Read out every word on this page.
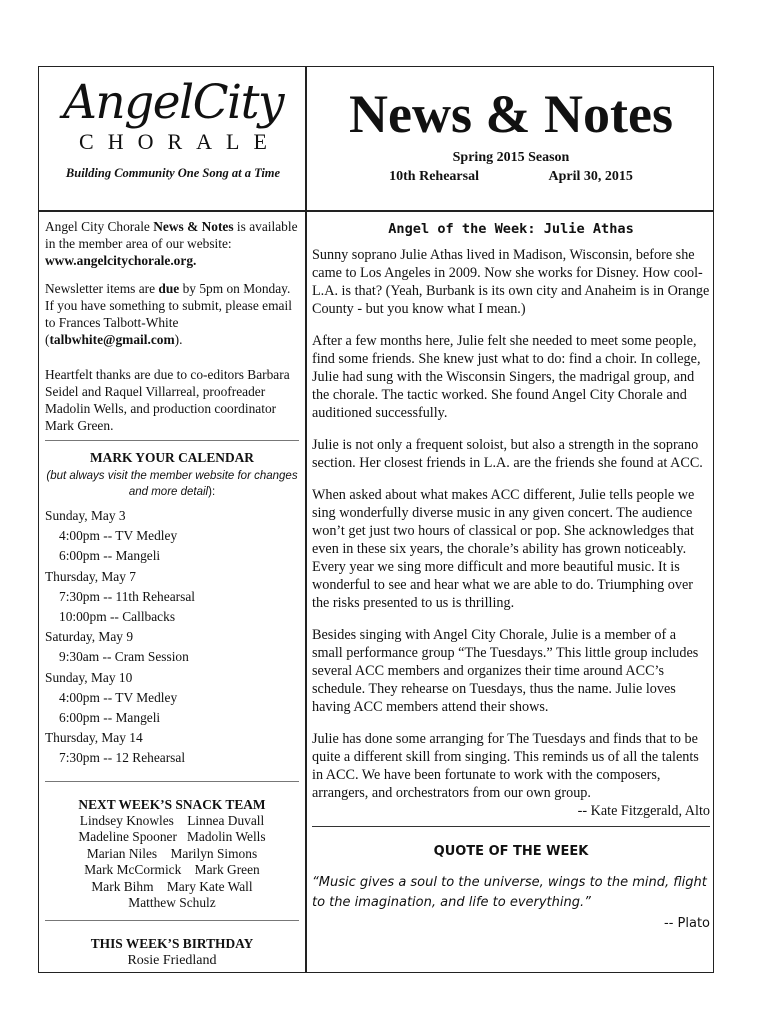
AngelCity
CHORALE
Building Community One Song at a Time
News & Notes
Spring 2015 Season
10th Rehearsal	April 30, 2015

Angel City Chorale News & Notes is available in the member area of our website: www.angelcitychorale.org.

Newsletter items are due by 5pm on Monday. If you have something to submit, please email to Frances Talbott-White (talbwhite@gmail.com).

Heartfelt thanks are due to co-editors Barbara Seidel and Raquel Villarreal, proofreader Madolin Wells, and production coordinator Mark Green.

MARK YOUR CALENDAR
(but always visit the member website for changes and more detail):
Sunday, May 3
4:00pm -- TV Medley
6:00pm -- Mangeli
Thursday, May 7
7:30pm -- 11th Rehearsal
10:00pm -- Callbacks
Saturday, May 9
9:30am -- Cram Session
Sunday, May 10
4:00pm -- TV Medley
6:00pm -- Mangeli
Thursday, May 14
7:30pm -- 12 Rehearsal
NEXT WEEK’S SNACK TEAM
Lindsey Knowles    Linnea Duvall
Madeline Spooner   Madolin Wells
Marian Niles    Marilyn Simons
Mark McCormick    Mark Green
Mark Bihm    Mary Kate Wall
Matthew Schulz
THIS WEEK’S BIRTHDAY
Rosie Friedland
Angel of the Week: Julie Athas

Sunny soprano Julie Athas lived in Madison, Wisconsin, before she came to Los Angeles in 2009. Now she works for Disney. How cool-L.A. is that? (Yeah, Burbank is its own city and Anaheim is in Orange County - but you know what I mean.)

After a few months here, Julie felt she needed to meet some people, find some friends. She knew just what to do: find a choir. In college, Julie had sung with the Wisconsin Singers, the madrigal group, and the chorale. The tactic worked. She found Angel City Chorale and auditioned successfully.

Julie is not only a frequent soloist, but also a strength in the soprano section. Her closest friends in L.A. are the friends she found at ACC.

When asked about what makes ACC different, Julie tells people we sing wonderfully diverse music in any given concert. The audience won’t get just two hours of classical or pop. She acknowledges that even in these six years, the chorale’s ability has grown noticeably. Every year we sing more difficult and more beautiful music. It is wonderful to see and hear what we are able to do. Triumphing over the risks presented to us is thrilling.

Besides singing with Angel City Chorale, Julie is a member of a small performance group “The Tuesdays.” This little group includes several ACC members and organizes their time around ACC’s schedule. They rehearse on Tuesdays, thus the name. Julie loves having ACC members attend their shows.

Julie has done some arranging for The Tuesdays and finds that to be quite a different skill from singing. This reminds us of all the talents in ACC. We have been fortunate to work with the composers, arrangers, and orchestrators from our own group.

-- Kate Fitzgerald, Alto
QUOTE OF THE WEEK
“Music gives a soul to the universe, wings to the mind, flight to the imagination, and life to everything.”
-- Plato
